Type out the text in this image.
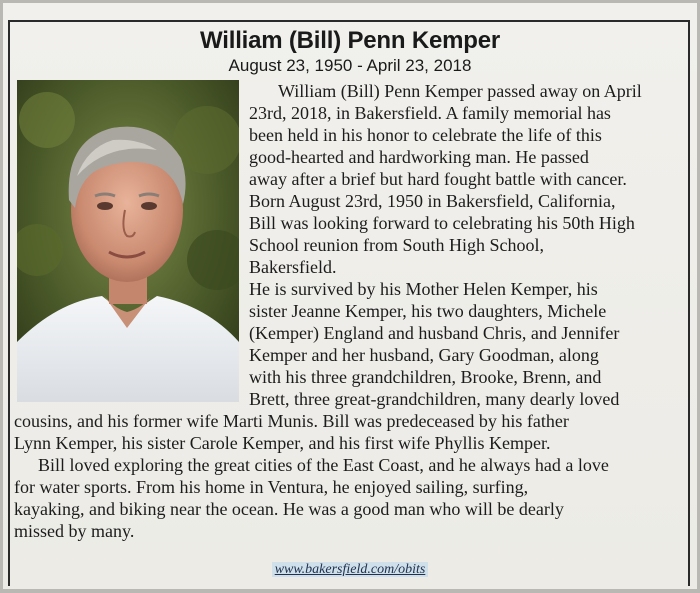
William (Bill) Penn Kemper
August 23, 1950 - April 23, 2018
William (Bill) Penn Kemper passed away on April
23rd, 2018, in Bakersfield. A family memorial has
been held in his honor to celebrate the life of this
good-hearted and hardworking man. He passed
away after a brief but hard fought battle with cancer.
Born August 23rd, 1950 in Bakersfield, California,
Bill was looking forward to celebrating his 50th High
School reunion from South High School,
Bakersfield.
He is survived by his Mother Helen Kemper, his
sister Jeanne Kemper, his two daughters, Michele
(Kemper) England and husband Chris, and Jennifer
Kemper and her husband, Gary Goodman, along
with his three grandchildren, Brooke, Brenn, and
Brett, three great-grandchildren, many dearly loved
cousins, and his former wife Marti Munis. Bill was predeceased by his father
Lynn Kemper, his sister Carole Kemper, and his first wife Phyllis Kemper.
Bill loved exploring the great cities of the East Coast, and he always had a love
for water sports. From his home in Ventura, he enjoyed sailing, surfing,
kayaking, and biking near the ocean. He was a good man who will be dearly
missed by many.
www.bakersfield.com/obits
